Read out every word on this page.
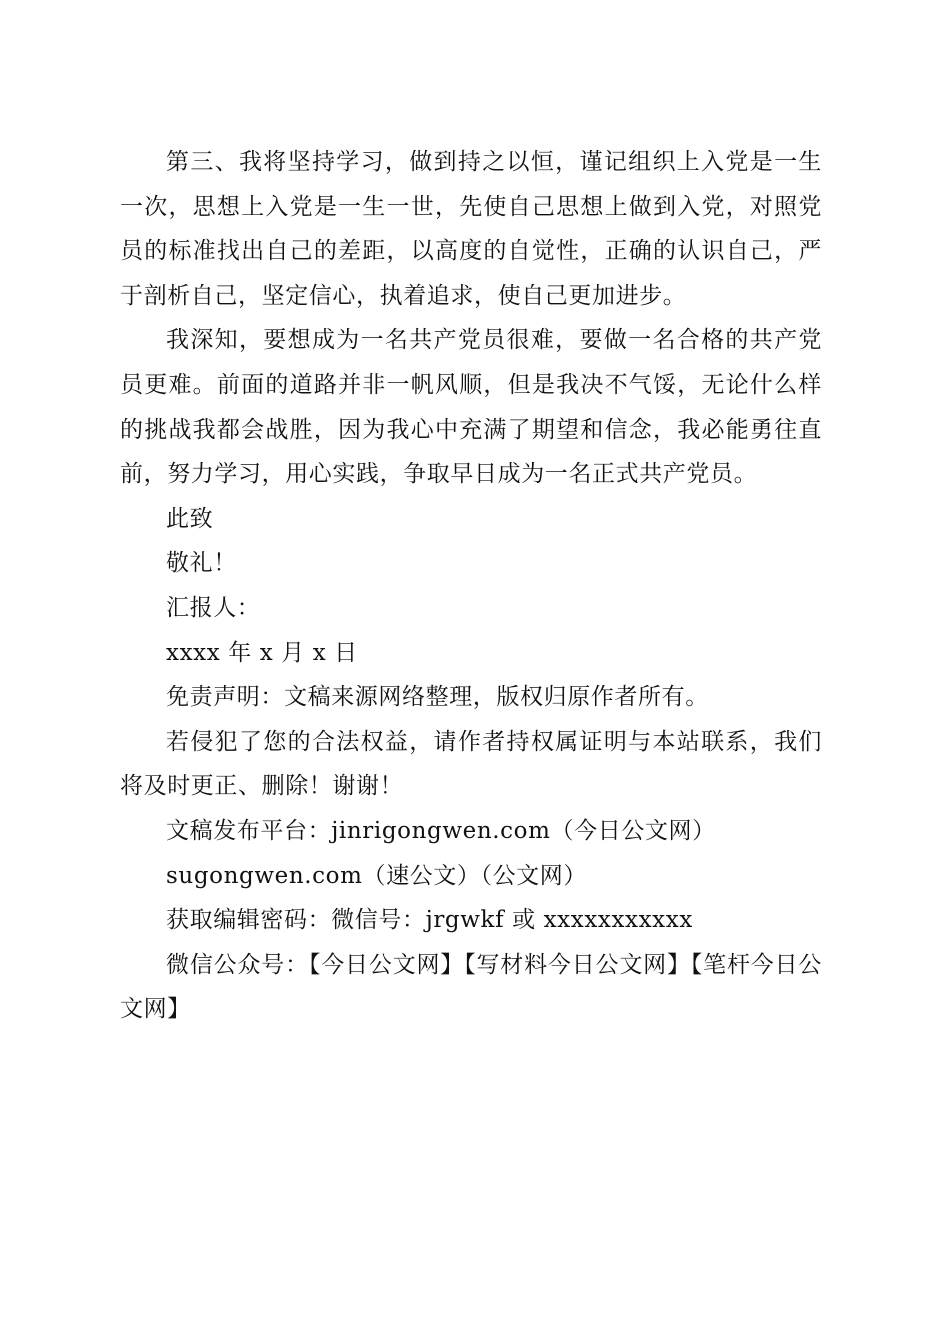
第三、我将坚持学习，做到持之以恒，谨记组织上入党是一生一次，思想上入党是一生一世，先使自己思想上做到入党，对照党员的标准找出自己的差距，以高度的自觉性，正确的认识自己，严于剖析自己，坚定信心，执着追求，使自己更加进步。

我深知，要想成为一名共产党员很难，要做一名合格的共产党员更难。前面的道路并非一帆风顺，但是我决不气馁，无论什么样的挑战我都会战胜，因为我心中充满了期望和信念，我必能勇往直前，努力学习，用心实践，争取早日成为一名正式共产党员。

此致

敬礼！

汇报人：

xxxx 年 x 月 x 日

免责声明：文稿来源网络整理，版权归原作者所有。

若侵犯了您的合法权益，请作者持权属证明与本站联系，我们将及时更正、删除！谢谢！

文稿发布平台：jinrigongwen.com（今日公文网）

sugongwen.com（速公文）（公文网）

获取编辑密码：微信号：jrgwkf 或 xxxxxxxxxxx

微信公众号：【今日公文网】【写材料今日公文网】【笔杆今日公文网】
